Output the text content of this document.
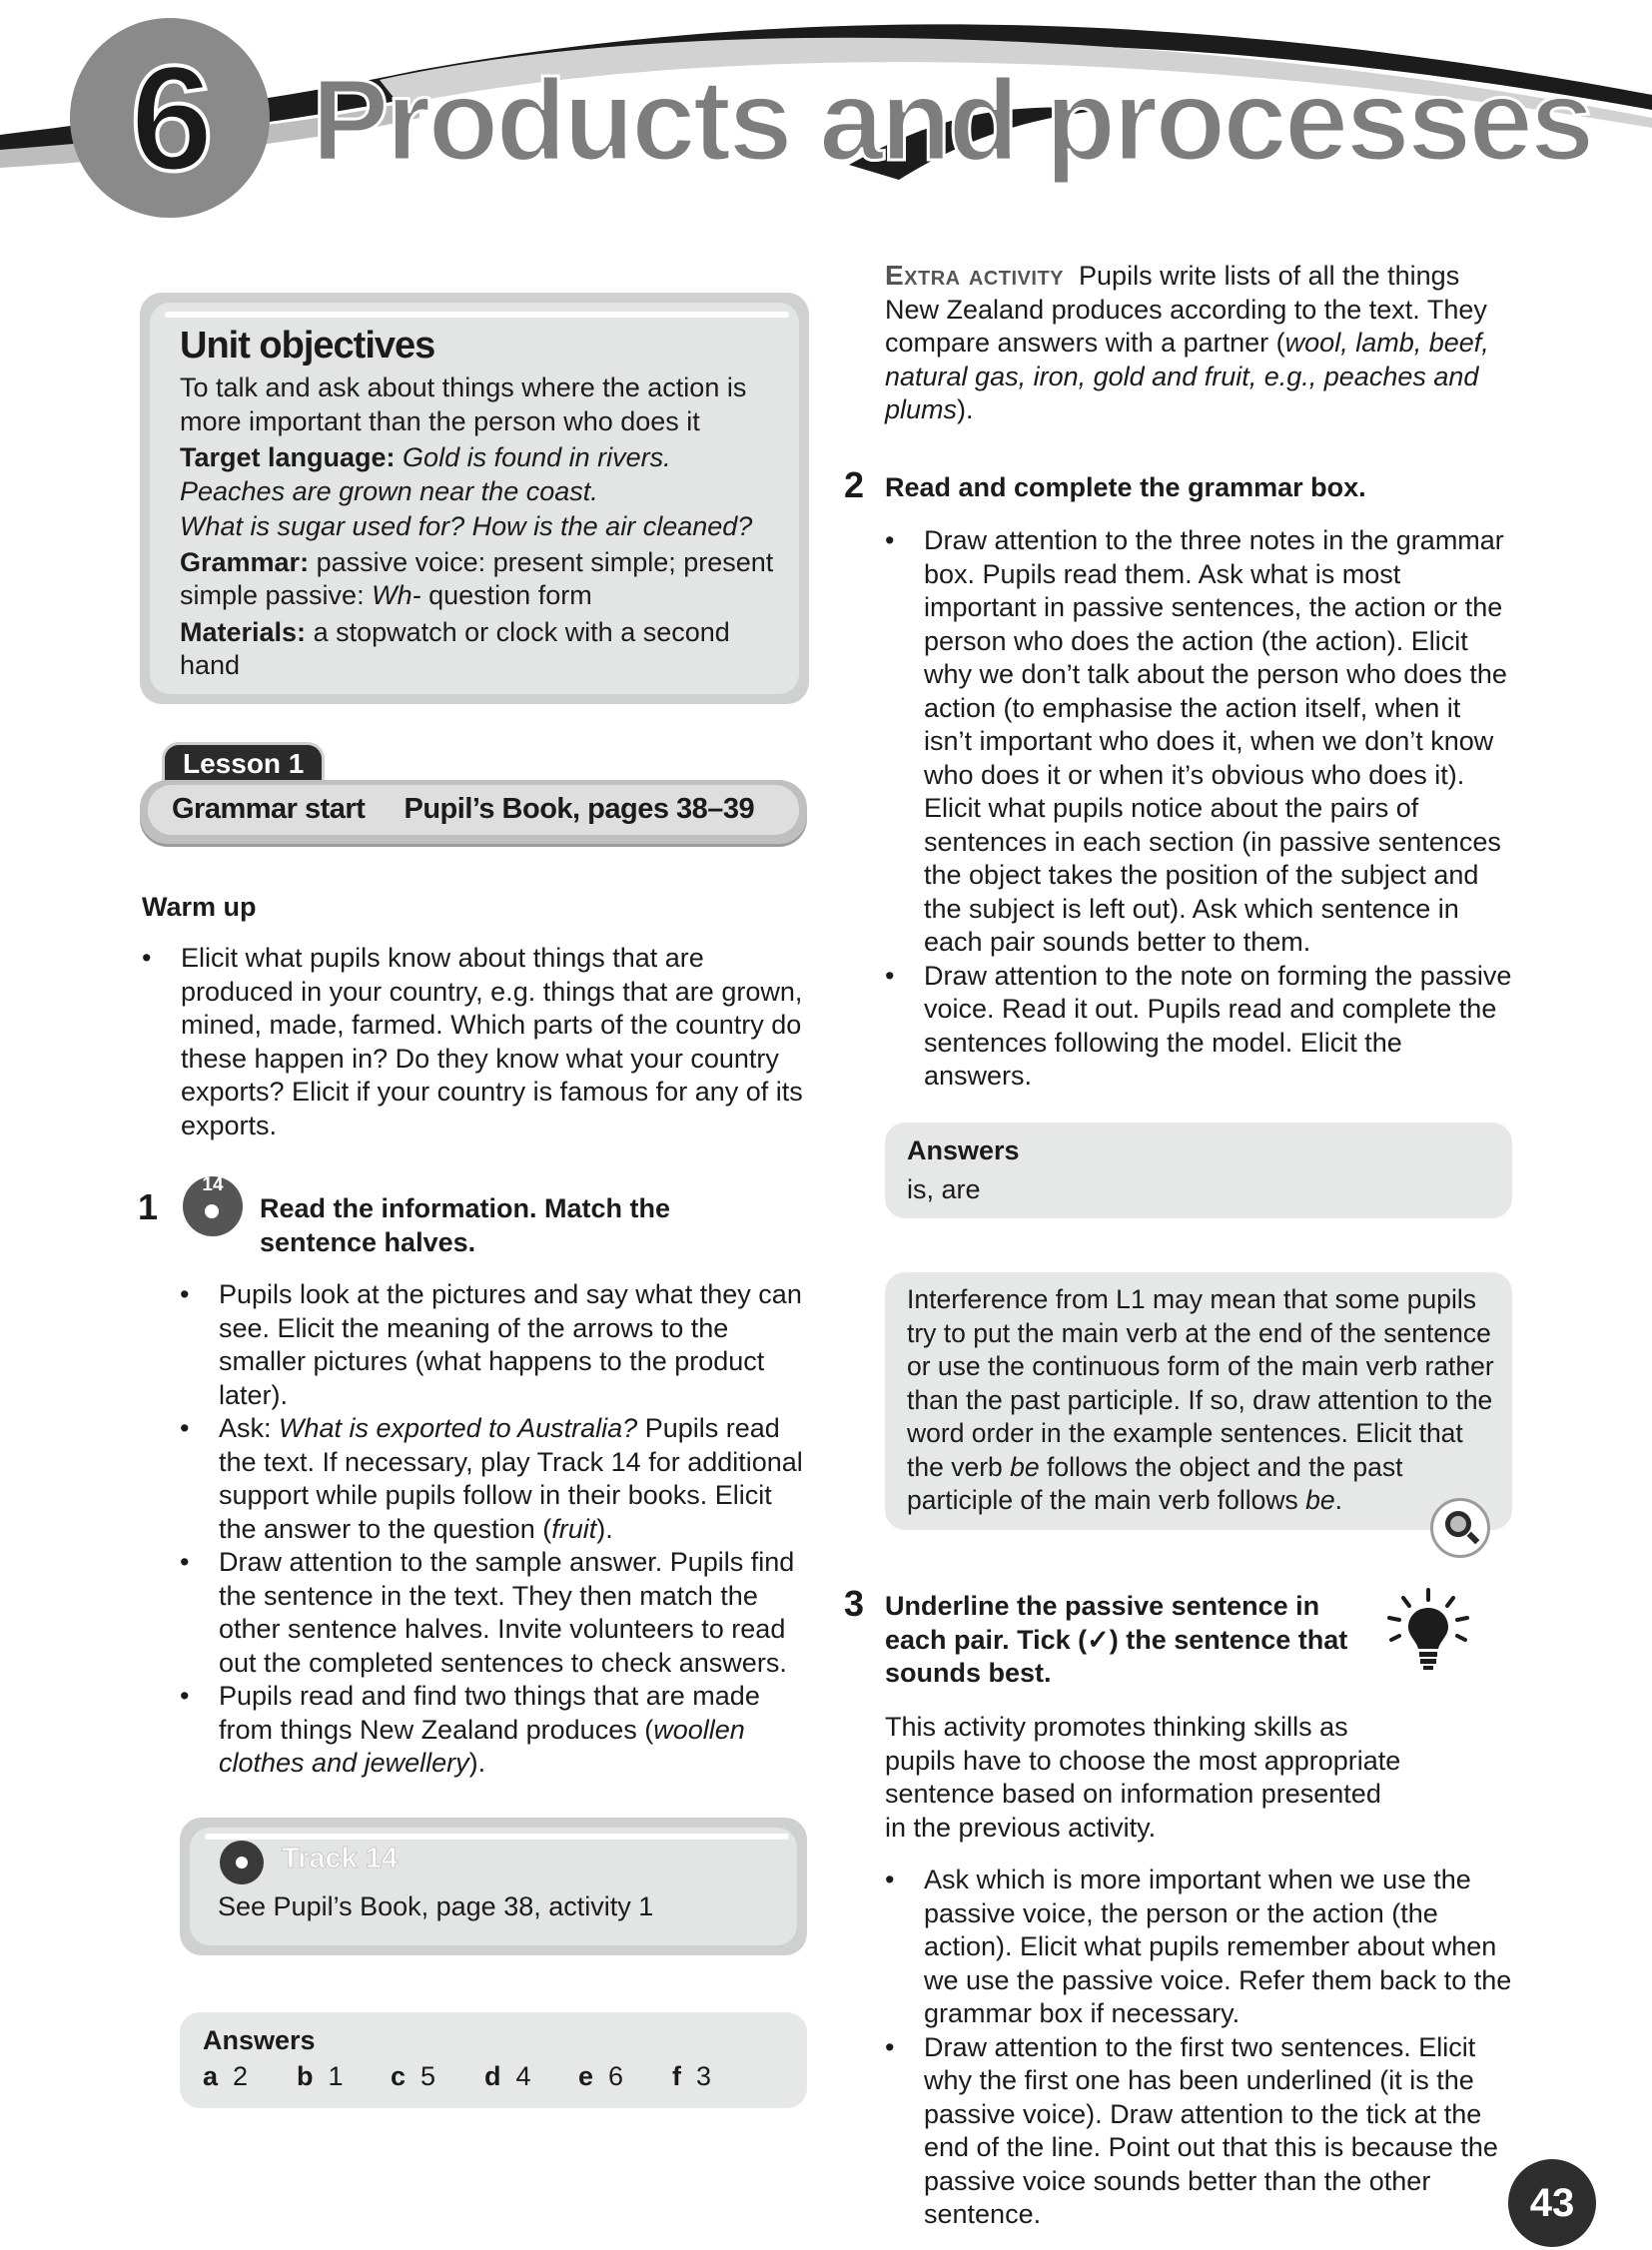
6 Products and processes
Unit objectives
To talk and ask about things where the action is more important than the person who does it
Target language: Gold is found in rivers.
Peaches are grown near the coast.
What is sugar used for? How is the air cleaned?
Grammar: passive voice: present simple; present simple passive: Wh- question form
Materials: a stopwatch or clock with a second hand
Lesson 1
Grammar start Pupil’s Book, pages 38–39
Warm up
• Elicit what pupils know about things that are produced in your country, e.g. things that are grown, mined, made, farmed. Which parts of the country do these happen in? Do they know what your country exports? Elicit if your country is famous for any of its exports.
1
14
Read the information. Match the sentence halves.
• Pupils look at the pictures and say what they can see. Elicit the meaning of the arrows to the smaller pictures (what happens to the product later).
• Ask: What is exported to Australia? Pupils read the text. If necessary, play Track 14 for additional support while pupils follow in their books. Elicit the answer to the question (fruit).
• Draw attention to the sample answer. Pupils find the sentence in the text. They then match the other sentence halves. Invite volunteers to read out the completed sentences to check answers.
• Pupils read and find two things that are made from things New Zealand produces (woollen clothes and jewellery).
Track 14
See Pupil’s Book, page 38, activity 1
Answers
a 2 b 1 c 5 d 4 e 6 f 3
Extra activity Pupils write lists of all the things New Zealand produces according to the text. They compare answers with a partner (wool, lamb, beef, natural gas, iron, gold and fruit, e.g., peaches and plums).
2 Read and complete the grammar box.
• Draw attention to the three notes in the grammar box. Pupils read them. Ask what is most important in passive sentences, the action or the person who does the action (the action). Elicit why we don’t talk about the person who does the action (to emphasise the action itself, when it isn’t important who does it, when we don’t know who does it or when it’s obvious who does it). Elicit what pupils notice about the pairs of sentences in each section (in passive sentences the object takes the position of the subject and the subject is left out). Ask which sentence in each pair sounds better to them.
• Draw attention to the note on forming the passive voice. Read it out. Pupils read and complete the sentences following the model. Elicit the answers.
Answers
is, are
Interference from L1 may mean that some pupils try to put the main verb at the end of the sentence or use the continuous form of the main verb rather than the past participle. If so, draw attention to the word order in the example sentences. Elicit that the verb be follows the object and the past participle of the main verb follows be.
3 Underline the passive sentence in each pair. Tick (✓) the sentence that sounds best.
This activity promotes thinking skills as pupils have to choose the most appropriate sentence based on information presented in the previous activity.
• Ask which is more important when we use the passive voice, the person or the action (the action). Elicit what pupils remember about when we use the passive voice. Refer them back to the grammar box if necessary.
• Draw attention to the first two sentences. Elicit why the first one has been underlined (it is the passive voice). Draw attention to the tick at the end of the line. Point out that this is because the passive voice sounds better than the other sentence.	43
